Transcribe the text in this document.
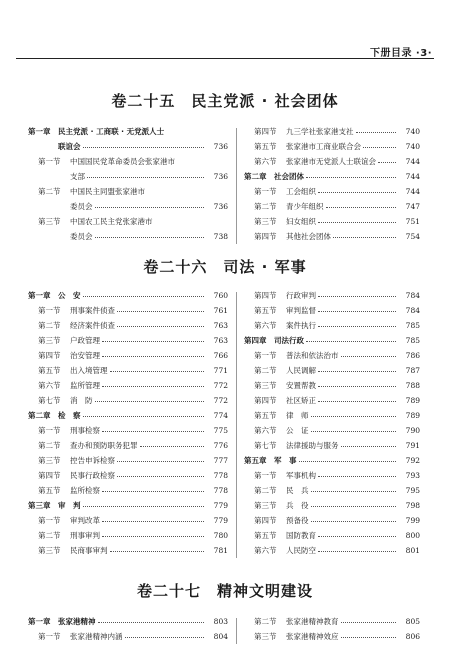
下册目录 ·3·
卷二十五　民主党派 · 社会团体
第一章 民主党派 · 工商联 · 无党派人士
联谊会	736
第一节 中国国民党革命委员会张家港市
支部	736
第二节 中国民主同盟张家港市
委员会	736
第三节 中国农工民主党张家港市
委员会	738
第四节 九三学社张家港支社	740
第五节 张家港市工商业联合会	740
第六节 张家港市无党派人士联谊会	744
第二章 社会团体	744
第一节 工会组织	744
第二节 青少年组织	747
第三节 妇女组织	751
第四节 其他社会团体	754
卷二十六　司法 · 军事
第一章 公　安	760
第一节 刑事案件侦查	761
第二节 经济案件侦查	763
第三节 户政管理	763
第四节 治安管理	766
第五节 出入境管理	771
第六节 监所管理	772
第七节 消　防	772
第二章 检　察	774
第一节 刑事检察	775
第二节 查办和预防职务犯罪	776
第三节 控告申诉检察	777
第四节 民事行政检察	778
第五节 监所检察	778
第三章 审　判	779
第一节 审判改革	779
第二节 刑事审判	780
第三节 民商事审判	781
第四节 行政审判	784
第五节 审判监督	784
第六节 案件执行	785
第四章 司法行政	785
第一节 普法和依法治市	786
第二节 人民调解	787
第三节 安置帮教	788
第四节 社区矫正	789
第五节 律　师	789
第六节 公　证	790
第七节 法律援助与服务	791
第五章 军　事	792
第一节 军事机构	793
第二节 民　兵	795
第三节 兵　役	798
第四节 预备役	799
第五节 国防教育	800
第六节 人民防空	801
卷二十七　精神文明建设
第一章 张家港精神	803
第一节 张家港精神内涵	804
第二节 张家港精神教育	805
第三节 张家港精神效应	806
